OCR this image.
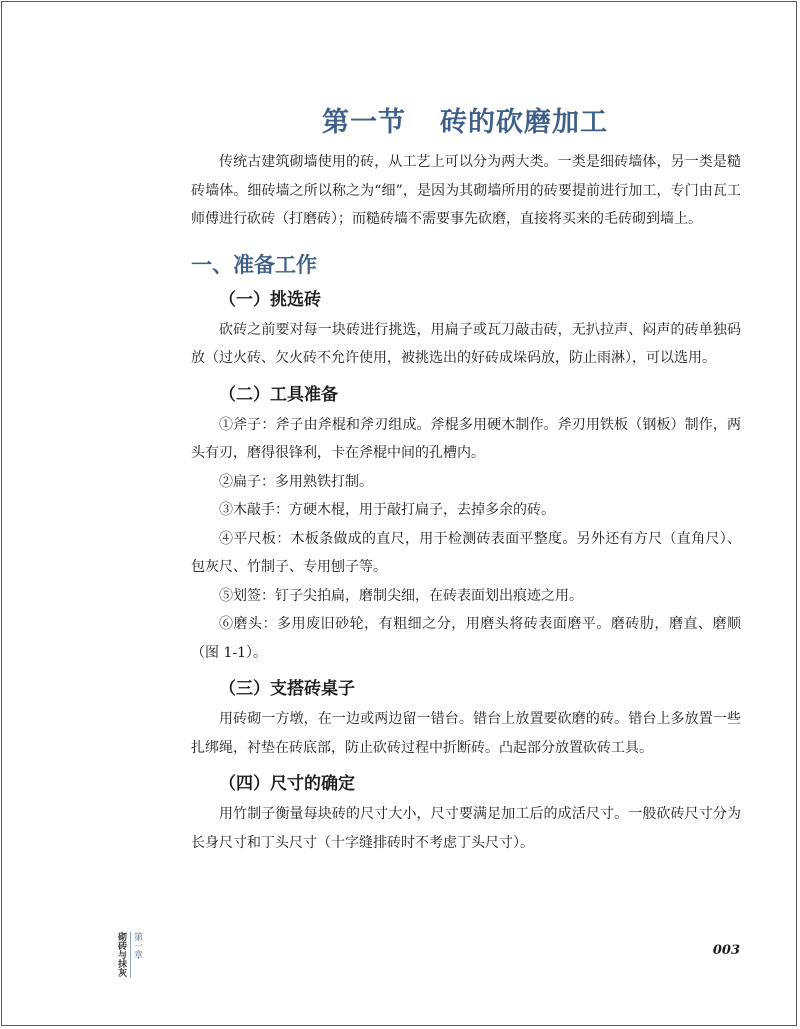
第一节 砖的砍磨加工

传统古建筑砌墙使用的砖，从工艺上可以分为两大类。一类是细砖墙体，另一类是糙砖墙体。细砖墙之所以称之为“细”，是因为其砌墙所用的砖要提前进行加工，专门由瓦工师傅进行砍砖（打磨砖）；而糙砖墙不需要事先砍磨，直接将买来的毛砖砌到墙上。

一、准备工作
（一）挑选砖

砍砖之前要对每一块砖进行挑选，用扁子或瓦刀敲击砖，无扒拉声、闷声的砖单独码放（过火砖、欠火砖不允许使用，被挑选出的好砖成垛码放，防止雨淋），可以选用。

（二）工具准备

①斧子：斧子由斧棍和斧刃组成。斧棍多用硬木制作。斧刃用铁板（钢板）制作，两头有刃，磨得很锋利，卡在斧棍中间的孔槽内。

②扁子：多用熟铁打制。

③木敲手：方硬木棍，用于敲打扁子，去掉多余的砖。

④平尺板：木板条做成的直尺，用于检测砖表面平整度。另外还有方尺（直角尺）、包灰尺、竹制子、专用刨子等。

⑤划签：钉子尖拍扁，磨制尖细，在砖表面划出痕迹之用。

⑥磨头：多用废旧砂轮，有粗细之分，用磨头将砖表面磨平。磨砖肋，磨直、磨顺（图 1-1）。

（三）支搭砖桌子

用砖砌一方墩，在一边或两边留一错台。错台上放置要砍磨的砖。错台上多放置一些扎绑绳，衬垫在砖底部，防止砍砖过程中折断砖。凸起部分放置砍砖工具。

（四）尺寸的确定

用竹制子衡量每块砖的尺寸大小，尺寸要满足加工后的成活尺寸。一般砍砖尺寸分为长身尺寸和丁头尺寸（十字缝排砖时不考虑丁头尺寸）。

砌砖与抹灰 第一章	003
